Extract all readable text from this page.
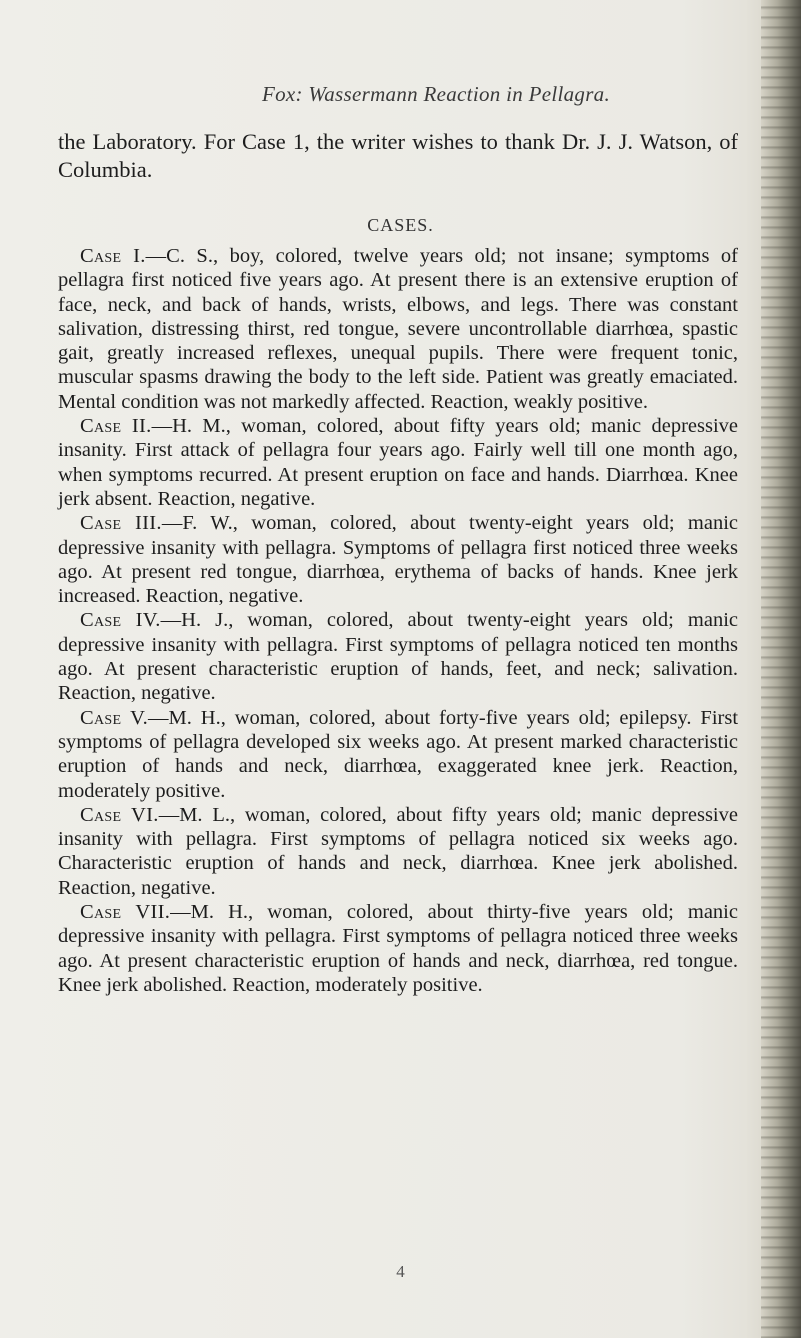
Fox: Wassermann Reaction in Pellagra.

the Laboratory. For Case 1, the writer wishes to thank Dr. J. J. Watson, of Columbia.

CASES.

Case I.—C. S., boy, colored, twelve years old; not insane; symptoms of pellagra first noticed five years ago. At present there is an extensive eruption of face, neck, and back of hands, wrists, elbows, and legs. There was constant salivation, distressing thirst, red tongue, severe uncontrollable diarrhœa, spastic gait, greatly increased reflexes, unequal pupils. There were frequent tonic, muscular spasms drawing the body to the left side. Patient was greatly emaciated. Mental condition was not markedly affected. Reaction, weakly positive.

Case II.—H. M., woman, colored, about fifty years old; manic depressive insanity. First attack of pellagra four years ago. Fairly well till one month ago, when symptoms recurred. At present eruption on face and hands. Diarrhœa. Knee jerk absent. Reaction, negative.

Case III.—F. W., woman, colored, about twenty-eight years old; manic depressive insanity with pellagra. Symptoms of pellagra first noticed three weeks ago. At present red tongue, diarrhœa, erythema of backs of hands. Knee jerk increased. Reaction, negative.

Case IV.—H. J., woman, colored, about twenty-eight years old; manic depressive insanity with pellagra. First symptoms of pellagra noticed ten months ago. At present characteristic eruption of hands, feet, and neck; salivation. Reaction, negative.

Case V.—M. H., woman, colored, about forty-five years old; epilepsy. First symptoms of pellagra developed six weeks ago. At present marked characteristic eruption of hands and neck, diarrhœa, exaggerated knee jerk. Reaction, moderately positive.

Case VI.—M. L., woman, colored, about fifty years old; manic depressive insanity with pellagra. First symptoms of pellagra noticed six weeks ago. Characteristic eruption of hands and neck, diarrhœa. Knee jerk abolished. Reaction, negative.

Case VII.—M. H., woman, colored, about thirty-five years old; manic depressive insanity with pellagra. First symptoms of pellagra noticed three weeks ago. At present characteristic eruption of hands and neck, diarrhœa, red tongue. Knee jerk abolished. Reaction, moderately positive.

4
